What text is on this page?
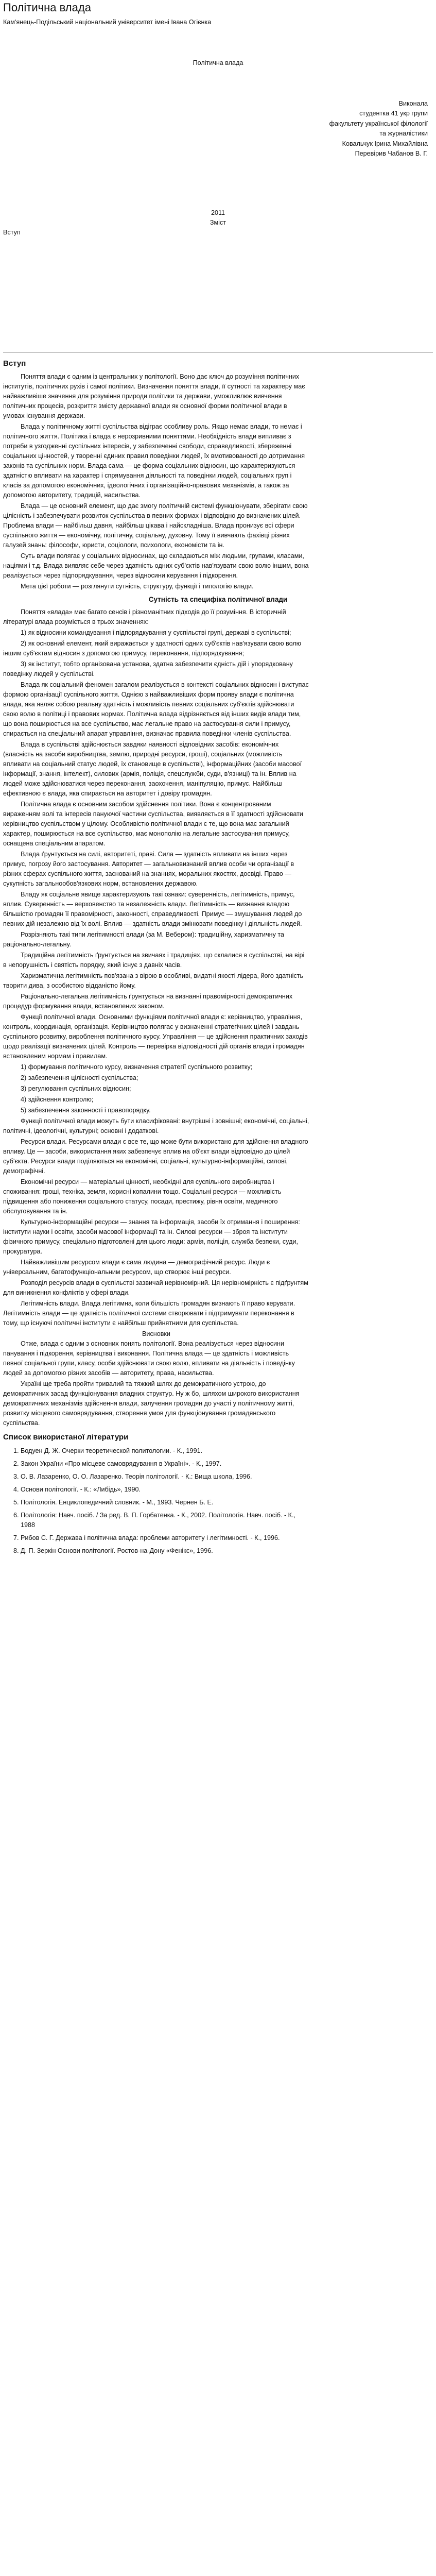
Політична влада

Кам'янець-Подільський національний університет імені Івана Огієнка

Політична влада

Виконала
студентка 41 укр групи
факультету української філології
та журналістики
Ковальчук Ірина Михайлівна
Перевірив Чабанов В. Г.

2011

Зміст

Вступ

Вступ

Поняття влади є одним із центральних у політології. Воно дає ключ до розуміння політичних інститутів, політичних рухів і самої політики. Визначення поняття влади, її сутності та характеру має найважливіше значення для розуміння природи політики та держави, уможливлює вивчення політичних процесів, розкриття змісту державної влади як основної форми політичної влади в умовах існування держави.

Влада у політичному житті суспільства відіграє особливу роль. Якщо немає влади, то немає і політичного життя. Політика і влада є нерозривними поняттями. Необхідність влади випливає з потреби в узгодженні суспільних інтересів, у забезпеченні свободи, справедливості, збереженні соціальних цінностей, у творенні єдиних правил поведінки людей, їх вмотивованості до дотримання законів та суспільних норм. Влада сама — це форма соціальних відносин, що характеризуються здатністю впливати на характер і спрямування діяльності та поведінки людей, соціальних груп і класів за допомогою економічних, ідеологічних і організаційно-правових механізмів, а також за допомогою авторитету, традицій, насильства.

Влада — це основний елемент, що дає змогу політичній системі функціонувати, зберігати свою цілісність і забезпечувати розвиток суспільства в певних формах і відповідно до визначених цілей. Проблема влади — найбільш давня, найбільш цікава і найскладніша. Влада пронизує всі сфери суспільного життя — економічну, політичну, соціальну, духовну. Тому її вивчають фахівці різних галузей знань: філософи, юристи, соціологи, психологи, економісти та ін.

Суть влади полягає у соціальних відносинах, що складаються між людьми, групами, класами, націями і т.д. Влада виявляє себе через здатність одних суб'єктів нав'язувати свою волю іншим, вона реалізується через підпорядкування, через відносини керування і підкорення.

Мета цієї роботи — розглянути сутність, структуру, функції і типологію влади.

Сутність та специфіка політичної влади

Поняття «влада» має багато сенсів і різноманітних підходів до її розуміння. В історичній літературі влада розуміється в трьох значеннях:

1) як відносини командування і підпорядкування у суспільстві групі, державі в суспільстві;

2) як основний елемент, який виражається у здатності одних суб'єктів нав'язувати свою волю іншим суб'єктам відносин з допомогою примусу, переконання, підпорядкування;

3) як інститут, тобто організована установа, здатна забезпечити єдність дій і упорядковану поведінку людей у суспільстві.

Влада як соціальний феномен загалом реалізується в контексті соціальних відносин і виступає формою організації суспільного життя. Однією з найважливіших форм прояву влади є політична влада, яка являє собою реальну здатність і можливість певних соціальних суб'єктів здійснювати свою волю в політиці і правових нормах. Політична влада відрізняється від інших видів влади тим, що вона поширюється на все суспільство, має легальне право на застосування сили і примусу, спирається на спеціальний апарат управління, визначає правила поведінки членів суспільства.

Влада в суспільстві здійснюється завдяки наявності відповідних засобів: економічних (власність на засоби виробництва, землю, природні ресурси, гроші), соціальних (можливість впливати на соціальний статус людей, їх становище в суспільстві), інформаційних (засоби масової інформації, знання, інтелект), силових (армія, поліція, спецслужби, суди, в'язниці) та ін. Вплив на людей може здійснюватися через переконання, заохочення, маніпуляцію, примус. Найбільш ефективною є влада, яка спирається на авторитет і довіру громадян.

Політична влада є основним засобом здійснення політики. Вона є концентрованим вираженням волі та інтересів пануючої частини суспільства, виявляється в її здатності здійснювати керівництво суспільством у цілому. Особливістю політичної влади є те, що вона має загальний характер, поширюється на все суспільство, має монополію на легальне застосування примусу, оснащена спеціальним апаратом.

Влада ґрунтується на силі, авторитеті, праві. Сила — здатність впливати на інших через примус, погрозу його застосування. Авторитет — загальновизнаний вплив особи чи організації в різних сферах суспільного життя, заснований на знаннях, моральних якостях, досвіді. Право — сукупність загальнообов'язкових норм, встановлених державою.

Владу як соціальне явище характеризують такі ознаки: суверенність, легітимність, примус, вплив. Суверенність — верховенство та незалежність влади. Легітимність — визнання владою більшістю громадян її правомірності, законності, справедливості. Примус — змушування людей до певних дій незалежно від їх волі. Вплив — здатність влади змінювати поведінку і діяльність людей.

Розрізняють такі типи легітимності влади (за М. Вебером): традиційну, харизматичну та раціонально-легальну.

Традиційна легітимність ґрунтується на звичаях і традиціях, що склалися в суспільстві, на вірі в непорушність і святість порядку, який існує з давніх часів.

Харизматична легітимність пов'язана з вірою в особливі, видатні якості лідера, його здатність творити дива, з особистою відданістю йому.

Раціонально-легальна легітимність ґрунтується на визнанні правомірності демократичних процедур формування влади, встановлених законом.

Функції політичної влади. Основними функціями політичної влади є: керівництво, управління, контроль, координація, організація. Керівництво полягає у визначенні стратегічних цілей і завдань суспільного розвитку, вироблення політичного курсу. Управління — це здійснення практичних заходів щодо реалізації визначених цілей. Контроль — перевірка відповідності дій органів влади і громадян встановленим нормам і правилам.

1) формування політичного курсу, визначення стратегії суспільного розвитку;

2) забезпечення цілісності суспільства;

3) регулювання суспільних відносин;

4) здійснення контролю;

5) забезпечення законності і правопорядку.

Функції політичної влади можуть бути класифіковані: внутрішні і зовнішні; економічні, соціальні, політичні, ідеологічні, культурні; основні і додаткові.

Ресурси влади. Ресурсами влади є все те, що може бути використано для здійснення владного впливу. Це — засоби, використання яких забезпечує вплив на об'єкт влади відповідно до цілей суб'єкта. Ресурси влади поділяються на економічні, соціальні, культурно-інформаційні, силові, демографічні.

Економічні ресурси — матеріальні цінності, необхідні для суспільного виробництва і споживання: гроші, техніка, земля, корисні копалини тощо. Соціальні ресурси — можливість підвищення або пониження соціального статусу, посади, престижу, рівня освіти, медичного обслуговування та ін.

Культурно-інформаційні ресурси — знання та інформація, засоби їх отримання і поширення: інститути науки і освіти, засоби масової інформації та ін. Силові ресурси — зброя та інститути фізичного примусу, спеціально підготовлені для цього люди: армія, поліція, служба безпеки, суди, прокуратура.

Найважливішим ресурсом влади є сама людина — демографічний ресурс. Люди є універсальним, багатофункціональним ресурсом, що створює інші ресурси.

Розподіл ресурсів влади в суспільстві зазвичай нерівномірний. Ця нерівномірність є підґрунтям для виникнення конфліктів у сфері влади.

Легітимність влади. Влада легітимна, коли більшість громадян визнають її право керувати. Легітимність влади — це здатність політичної системи створювати і підтримувати переконання в тому, що існуючі політичні інститути є найбільш прийнятними для суспільства.

Висновки

Отже, влада є одним з основних понять політології. Вона реалізується через відносини панування і підкорення, керівництва і виконання. Політична влада — це здатність і можливість певної соціальної групи, класу, особи здійснювати свою волю, впливати на діяльність і поведінку людей за допомогою різних засобів — авторитету, права, насильства.

Україні ще треба пройти тривалий та тяжкий шлях до демократичного устрою, до демократичних засад функціонування владних структур. Ну ж бо, шляхом широкого використання демократичних механізмів здійснення влади, залучення громадян до участі у політичному житті, розвитку місцевого самоврядування, створення умов для функціонування громадянського суспільства.

Список використаної літератури
1. Бодуен Д. Ж. Очерки теоретической политологии. - К., 1991.
2. Закон України «Про місцеве самоврядування в Україні». - К., 1997.
3. О. В. Лазаренко, О. О. Лазаренко. Теорія політології. - К.: Вища школа, 1996.
4. Основи політології. - К.: «Либідь», 1990.
5. Політологія. Енциклопедичний словник. - М., 1993. Чернен Б. Е.
6. Політологія: Навч. посіб. / За ред. В. П. Горбатенка. - К., 2002. Політологія. Навч. посіб. - К., 1988
7. Рибов С. Г. Держава і політична влада: проблеми авторитету і легітимності. - К., 1996.
8. Д. П. Зеркін Основи політології. Ростов-на-Дону «Фенікс», 1996.
